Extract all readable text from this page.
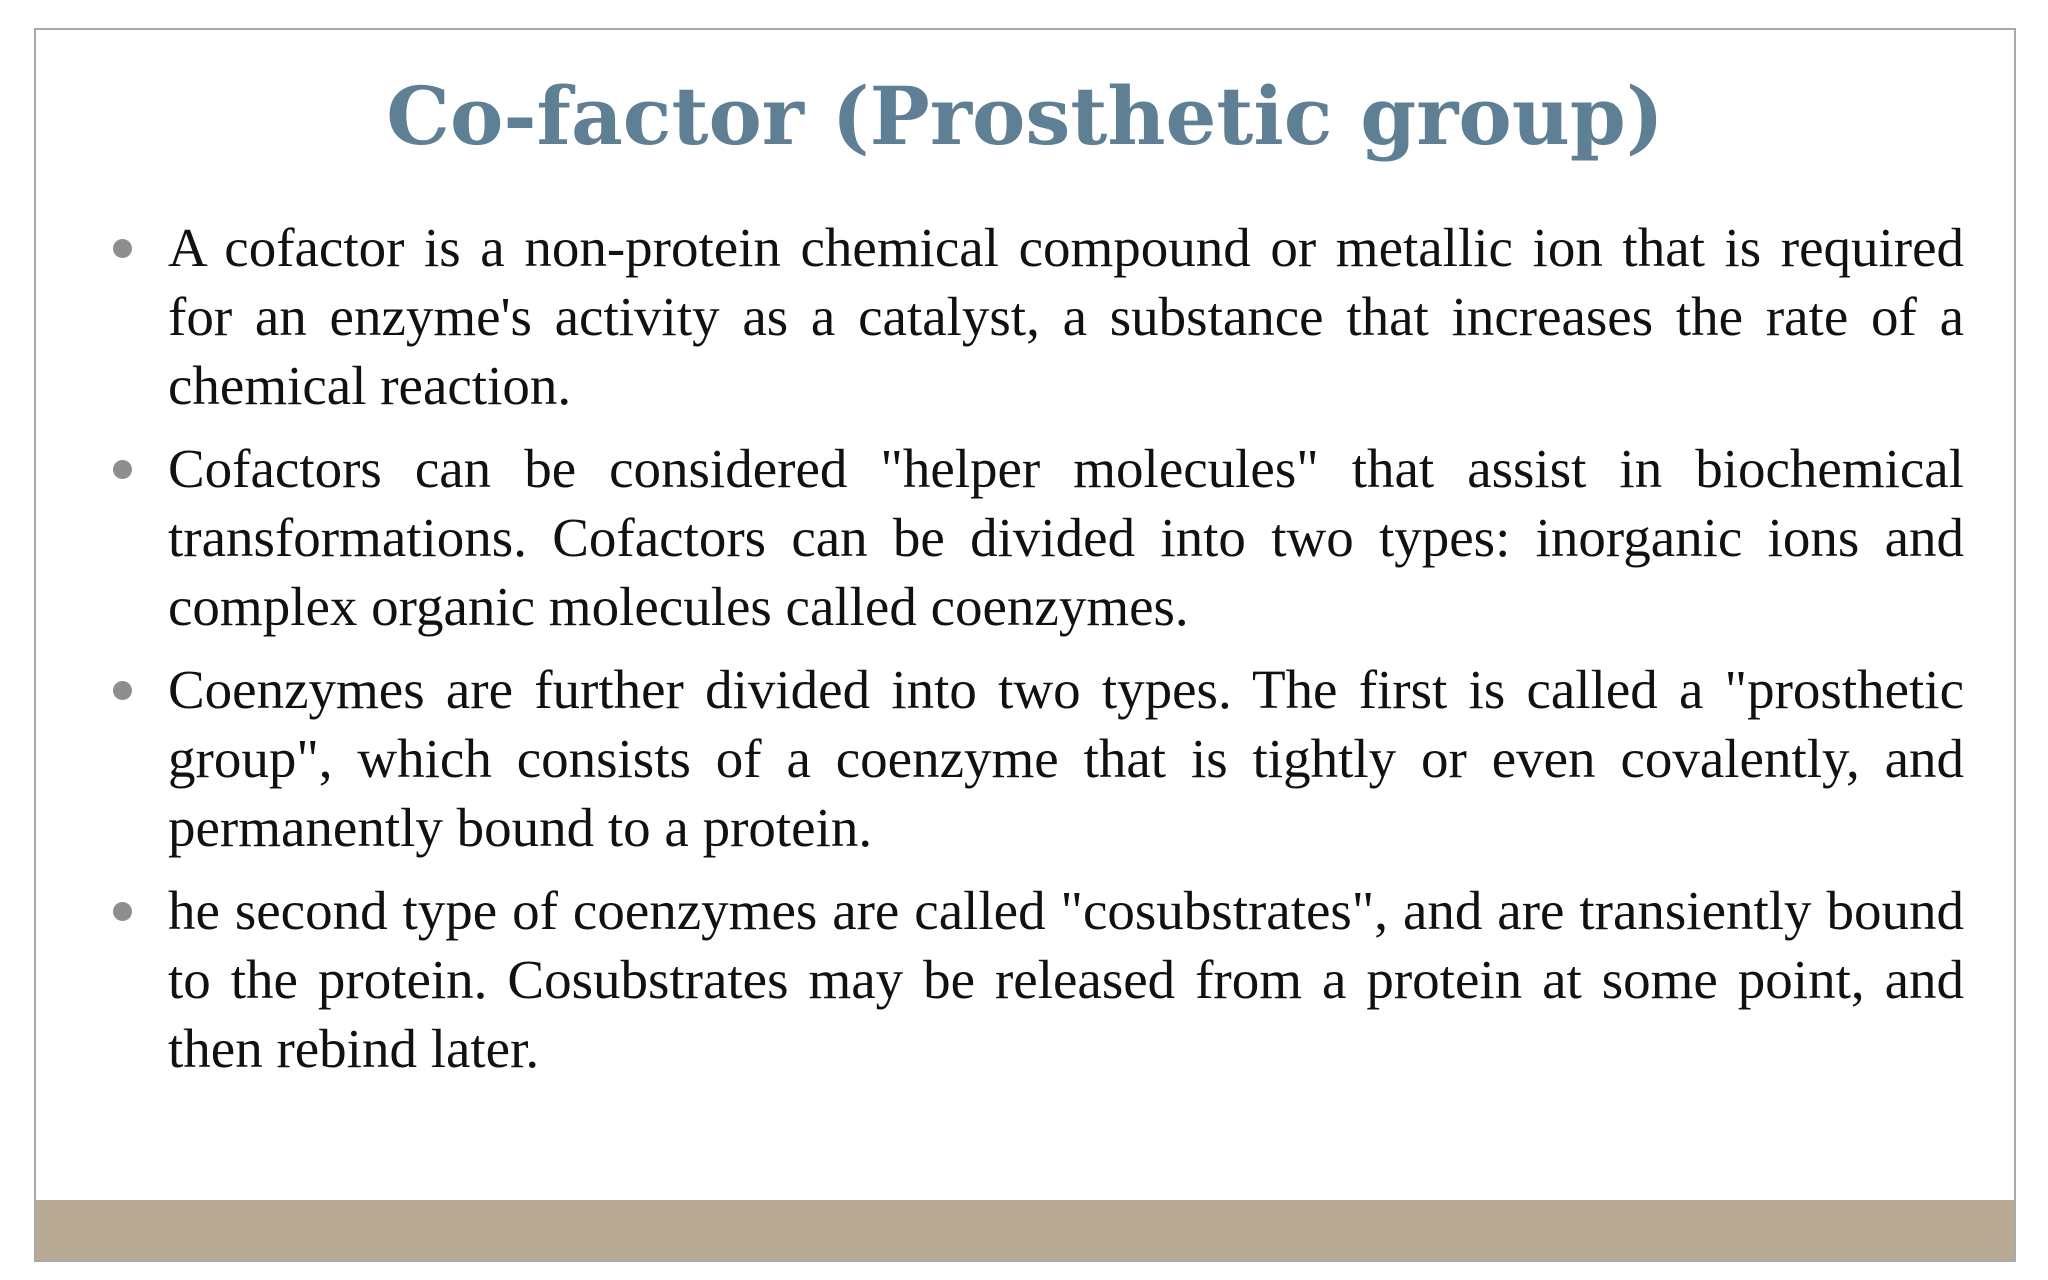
Co-factor (Prosthetic group)
A cofactor is a non-protein chemical compound or metallic ion that is required for an enzyme's activity as a catalyst, a substance that increases the rate of a chemical reaction.
Cofactors can be considered "helper molecules" that assist in biochemical transformations. Cofactors can be divided into two types: inorganic ions and complex organic molecules called coenzymes.
Coenzymes are further divided into two types. The first is called a "prosthetic group", which consists of a coenzyme that is tightly or even covalently, and permanently bound to a protein.
he second type of coenzymes are called "cosubstrates", and are transiently bound to the protein. Cosubstrates may be released from a protein at some point, and then rebind later.
